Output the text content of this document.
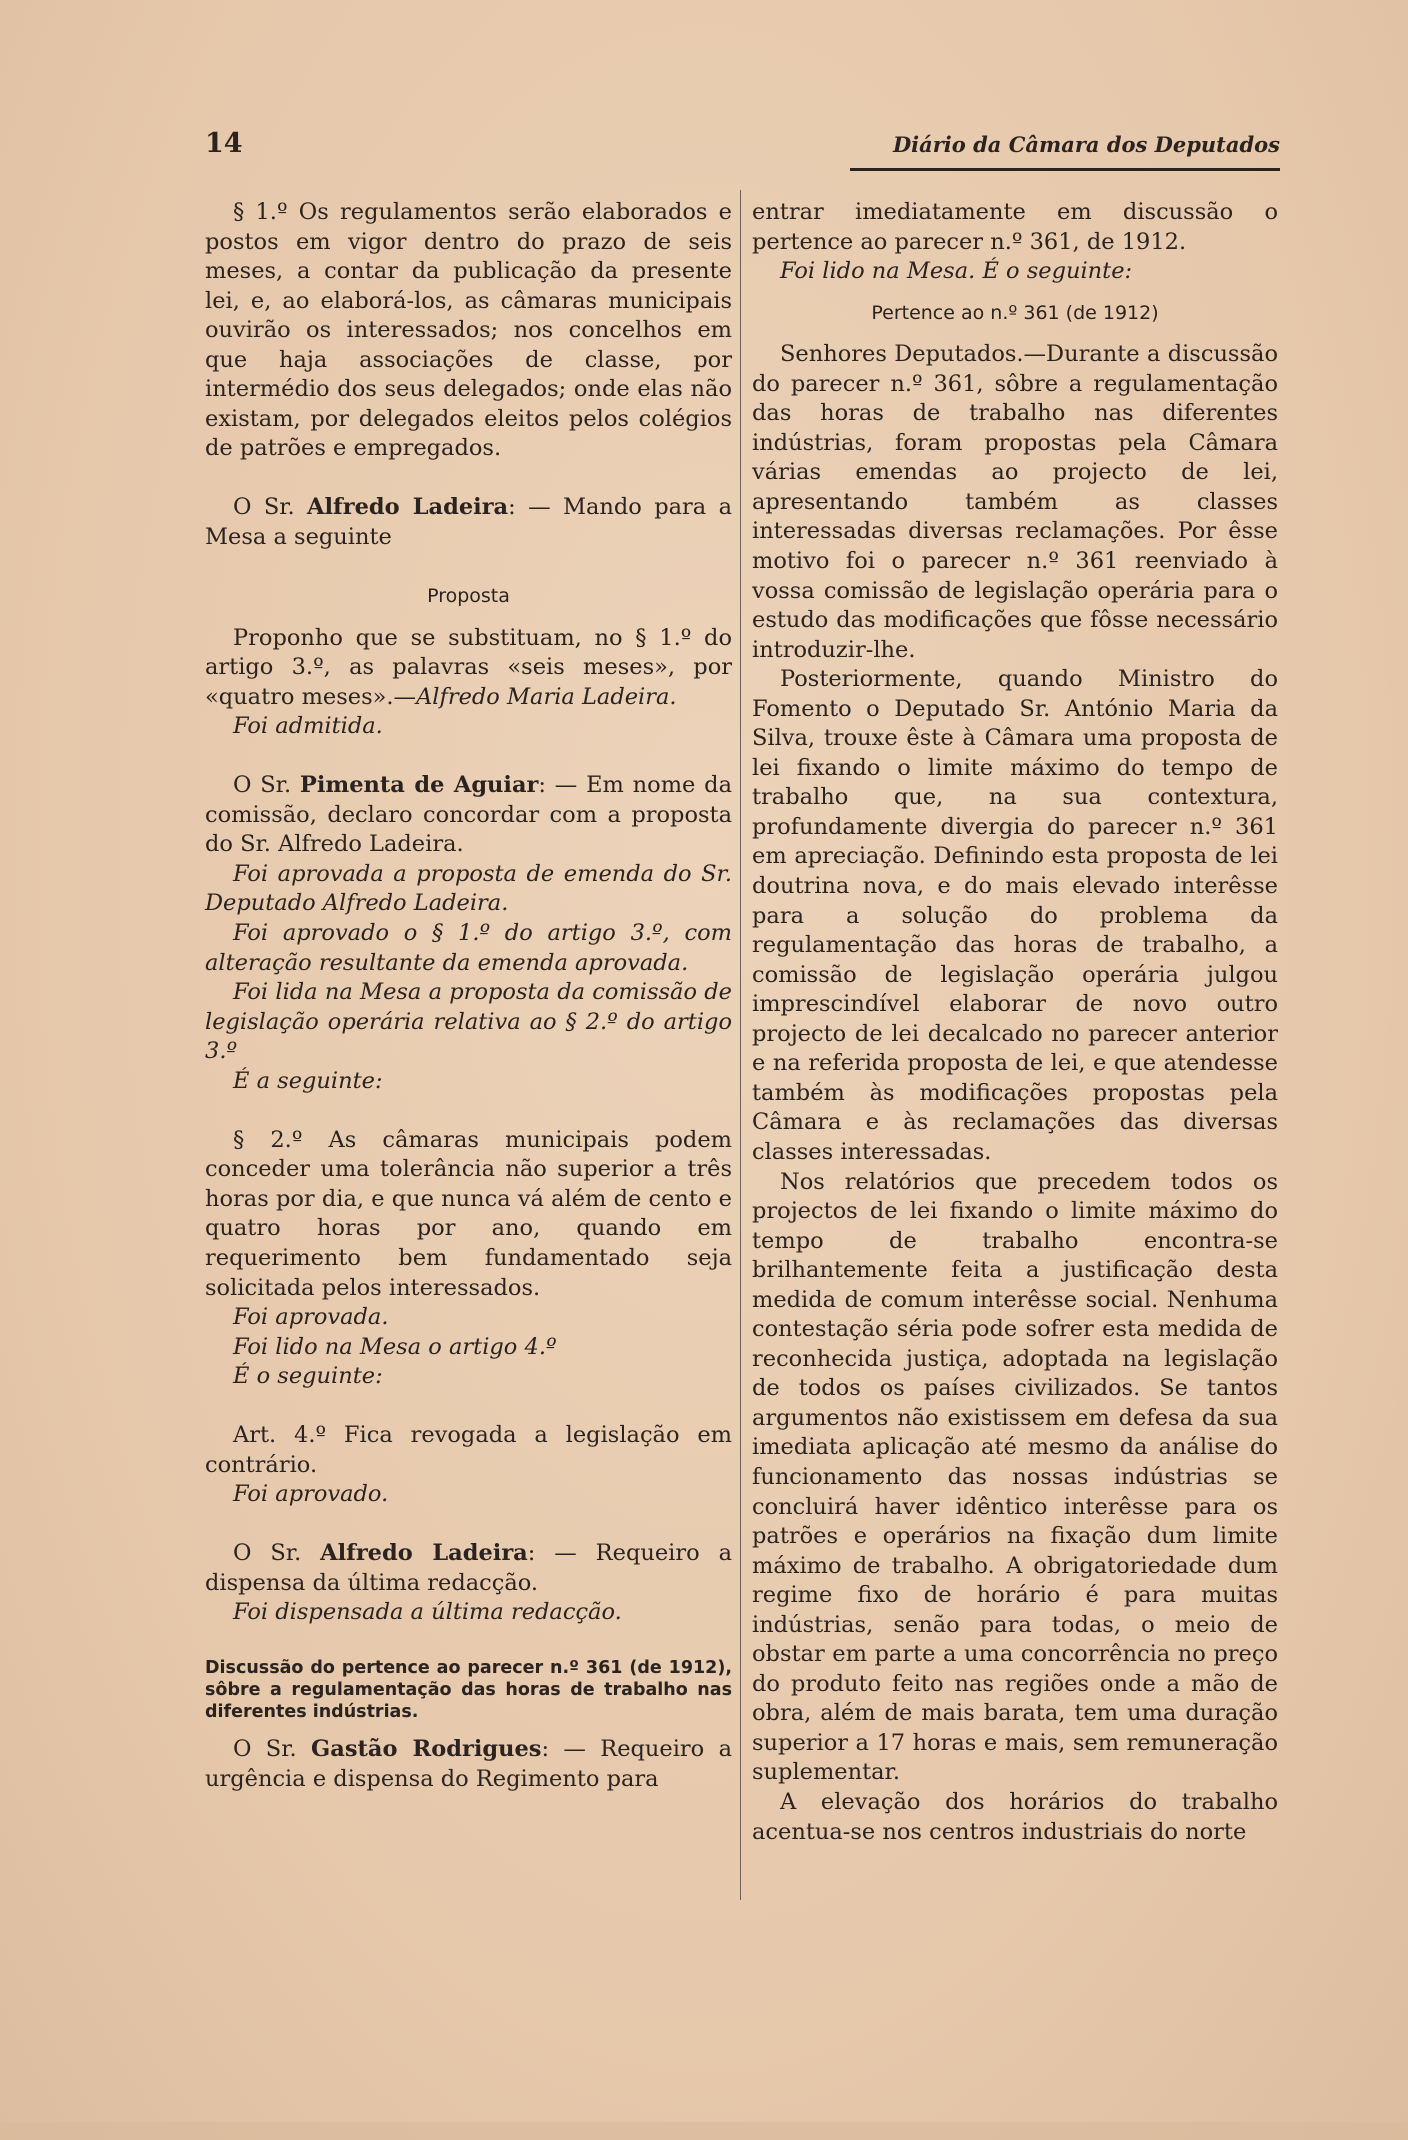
14	Diário da Câmara dos Deputados

§ 1.º Os regulamentos serão elaborados e postos em vigor dentro do prazo de seis meses, a contar da publicação da presente lei, e, ao elaborá-los, as câmaras municipais ouvirão os interessados; nos concelhos em que haja associações de classe, por intermédio dos seus delegados; onde elas não existam, por delegados eleitos pelos colégios de patrões e empregados.

O Sr. Alfredo Ladeira: — Mando para a Mesa a seguinte

Proposta

Proponho que se substituam, no § 1.º do artigo 3.º, as palavras «seis meses», por «quatro meses».—Alfredo Maria Ladeira.

Foi admitida.

O Sr. Pimenta de Aguiar: — Em nome da comissão, declaro concordar com a proposta do Sr. Alfredo Ladeira.

Foi aprovada a proposta de emenda do Sr. Deputado Alfredo Ladeira.

Foi aprovado o § 1.º do artigo 3.º, com alteração resultante da emenda aprovada.

Foi lida na Mesa a proposta da comissão de legislação operária relativa ao § 2.º do artigo 3.º

É a seguinte:

§ 2.º As câmaras municipais podem conceder uma tolerância não superior a três horas por dia, e que nunca vá além de cento e quatro horas por ano, quando em requerimento bem fundamentado seja solicitada pelos interessados.

Foi aprovada.

Foi lido na Mesa o artigo 4.º

É o seguinte:

Art. 4.º Fica revogada a legislação em contrário.

Foi aprovado.

O Sr. Alfredo Ladeira: — Requeiro a dispensa da última redacção.

Foi dispensada a última redacção.

Discussão do pertence ao parecer n.º 361 (de 1912), sôbre a regulamentação das horas de trabalho nas diferentes indústrias.

O Sr. Gastão Rodrigues: — Requeiro a urgência e dispensa do Regimento para

entrar imediatamente em discussão o pertence ao parecer n.º 361, de 1912.

Foi lido na Mesa. É o seguinte:

Pertence ao n.º 361 (de 1912)

Senhores Deputados.—Durante a discussão do parecer n.º 361, sôbre a regulamentação das horas de trabalho nas diferentes indústrias, foram propostas pela Câmara várias emendas ao projecto de lei, apresentando também as classes interessadas diversas reclamações. Por êsse motivo foi o parecer n.º 361 reenviado à vossa comissão de legislação operária para o estudo das modificações que fôsse necessário introduzir-lhe.

Posteriormente, quando Ministro do Fomento o Deputado Sr. António Maria da Silva, trouxe êste à Câmara uma proposta de lei fixando o limite máximo do tempo de trabalho que, na sua contextura, profundamente divergia do parecer n.º 361 em apreciação. Definindo esta proposta de lei doutrina nova, e do mais elevado interêsse para a solução do problema da regulamentação das horas de trabalho, a comissão de legislação operária julgou imprescindível elaborar de novo outro projecto de lei decalcado no parecer anterior e na referida proposta de lei, e que atendesse também às modificações propostas pela Câmara e às reclamações das diversas classes interessadas.

Nos relatórios que precedem todos os projectos de lei fixando o limite máximo do tempo de trabalho encontra-se brilhantemente feita a justificação desta medida de comum interêsse social. Nenhuma contestação séria pode sofrer esta medida de reconhecida justiça, adoptada na legislação de todos os países civilizados. Se tantos argumentos não existissem em defesa da sua imediata aplicação até mesmo da análise do funcionamento das nossas indústrias se concluirá haver idêntico interêsse para os patrões e operários na fixação dum limite máximo de trabalho. A obrigatoriedade dum regime fixo de horário é para muitas indústrias, senão para todas, o meio de obstar em parte a uma concorrência no preço do produto feito nas regiões onde a mão de obra, além de mais barata, tem uma duração superior a 17 horas e mais, sem remuneração suplementar.

A elevação dos horários do trabalho acentua-se nos centros industriais do norte
